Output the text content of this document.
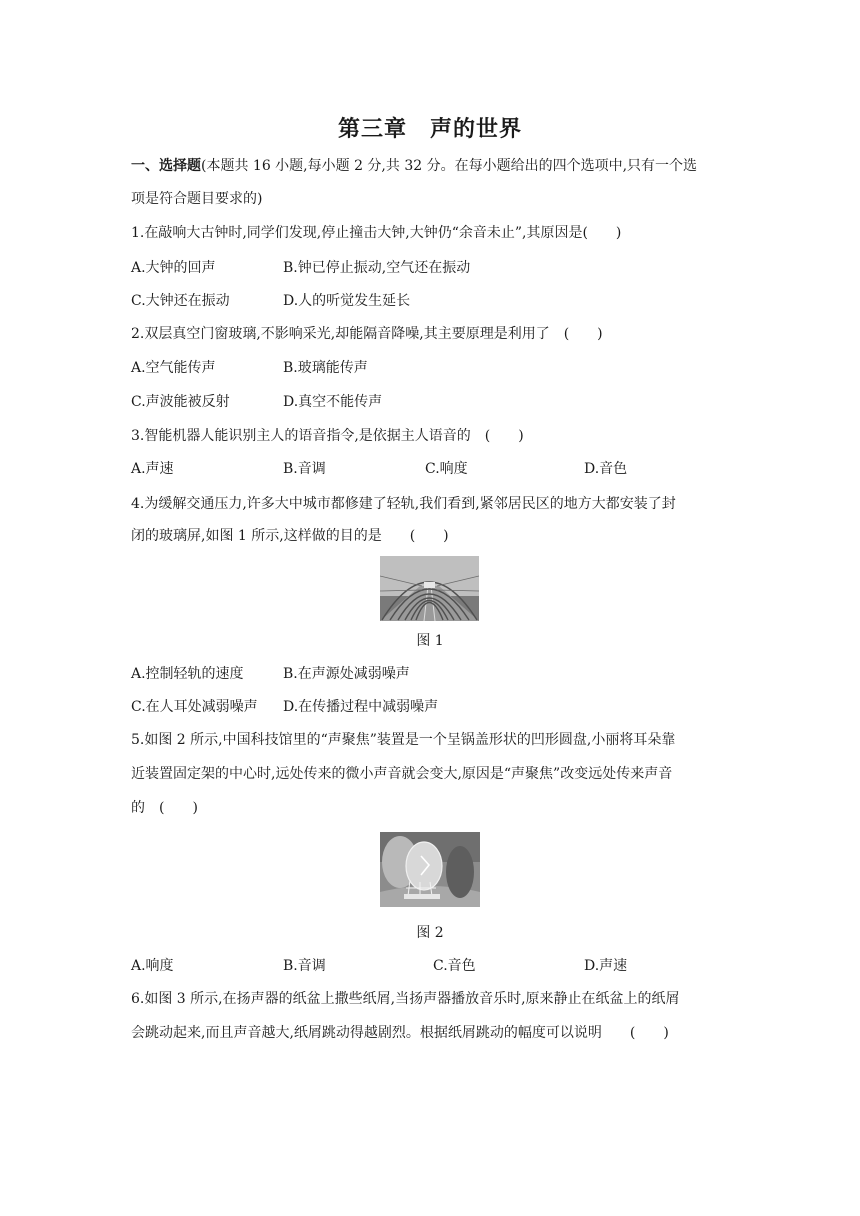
第三章　声的世界
一、选择题(本题共 16 小题,每小题 2 分,共 32 分。在每小题给出的四个选项中,只有一个选
项是符合题目要求的)
1.在敲响大古钟时,同学们发现,停止撞击大钟,大钟仍“余音未止”,其原因是(　　)
A.大钟的回声	B.钟已停止振动,空气还在振动
C.大钟还在振动	D.人的听觉发生延长
2.双层真空门窗玻璃,不影响采光,却能隔音降噪,其主要原理是利用了　(　　)
A.空气能传声	B.玻璃能传声
C.声波能被反射	D.真空不能传声
3.智能机器人能识别主人的语音指令,是依据主人语音的　(　　)
A.声速	B.音调	C.响度	D.音色
4.为缓解交通压力,许多大中城市都修建了轻轨,我们看到,紧邻居民区的地方大都安装了封
闭的玻璃屏,如图 1 所示,这样做的目的是　　(　　)
图 1
A.控制轻轨的速度	B.在声源处减弱噪声
C.在人耳处减弱噪声 D.在传播过程中减弱噪声
5.如图 2 所示,中国科技馆里的“声聚焦”装置是一个呈锅盖形状的凹形圆盘,小丽将耳朵靠
近装置固定架的中心时,远处传来的微小声音就会变大,原因是“声聚焦”改变远处传来声音
的　(　　)
图 2
A.响度	B.音调	C.音色	D.声速
6.如图 3 所示,在扬声器的纸盆上撒些纸屑,当扬声器播放音乐时,原来静止在纸盆上的纸屑
会跳动起来,而且声音越大,纸屑跳动得越剧烈。根据纸屑跳动的幅度可以说明　　(　　)
